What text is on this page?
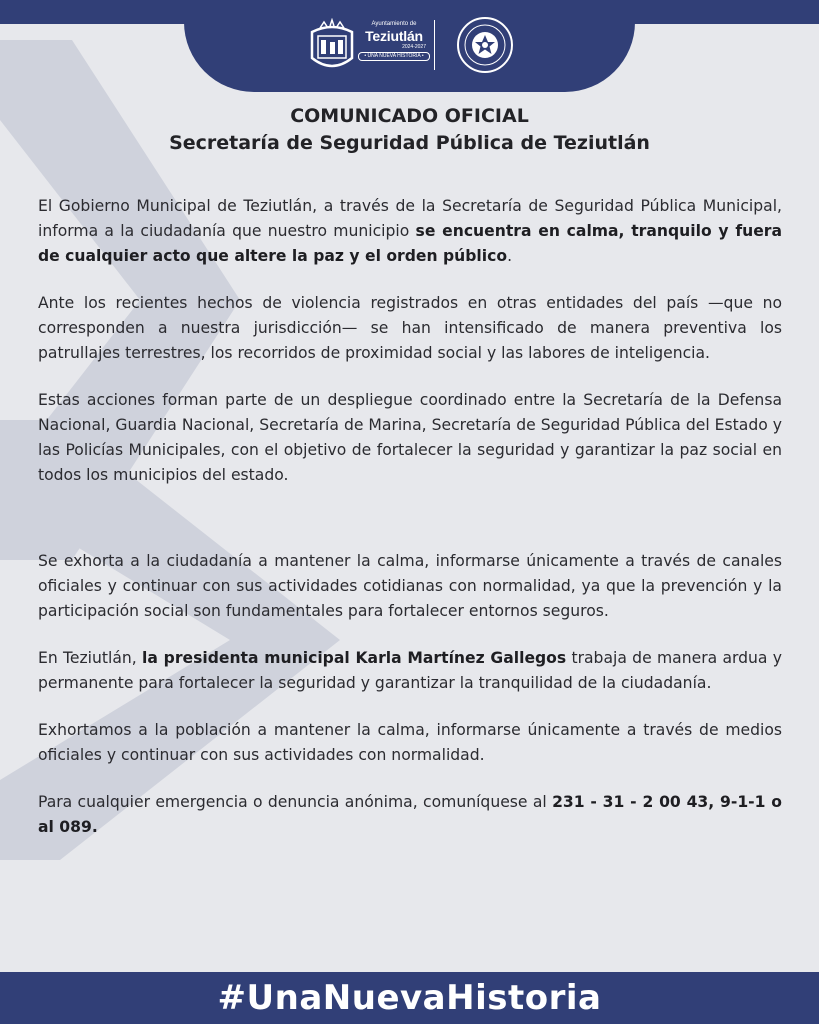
Ayuntamiento de
Teziutlán
2024-2027
• UNA NUEVA HISTORIA •
COMUNICADO OFICIAL
Secretaría de Seguridad Pública de Teziutlán

El Gobierno Municipal de Teziutlán, a través de la Secretaría de Seguridad Pública Municipal, informa a la ciudadanía que nuestro municipio se encuentra en calma, tranquilo y fuera de cualquier acto que altere la paz y el orden público.

Ante los recientes hechos de violencia registrados en otras entidades del país —que no corresponden a nuestra jurisdicción— se han intensificado de manera preventiva los patrullajes terrestres, los recorridos de proximidad social y las labores de inteligencia.

Estas acciones forman parte de un despliegue coordinado entre la Secretaría de la Defensa Nacional, Guardia Nacional, Secretaría de Marina, Secretaría de Seguridad Pública del Estado y las Policías Municipales, con el objetivo de fortalecer la seguridad y garantizar la paz social en todos los municipios del estado.

Se exhorta a la ciudadanía a mantener la calma, informarse únicamente a través de canales oficiales y continuar con sus actividades cotidianas con normalidad, ya que la prevención y la participación social son fundamentales para fortalecer entornos seguros.

En Teziutlán, la presidenta municipal Karla Martínez Gallegos trabaja de manera ardua y permanente para fortalecer la seguridad y garantizar la tranquilidad de la ciudadanía.

Exhortamos a la población a mantener la calma, informarse únicamente a través de medios oficiales y continuar con sus actividades con normalidad.

Para cualquier emergencia o denuncia anónima, comuníquese al 231 - 31 - 2 00 43, 9-1-1 o al 089.

#UnaNuevaHistoria
